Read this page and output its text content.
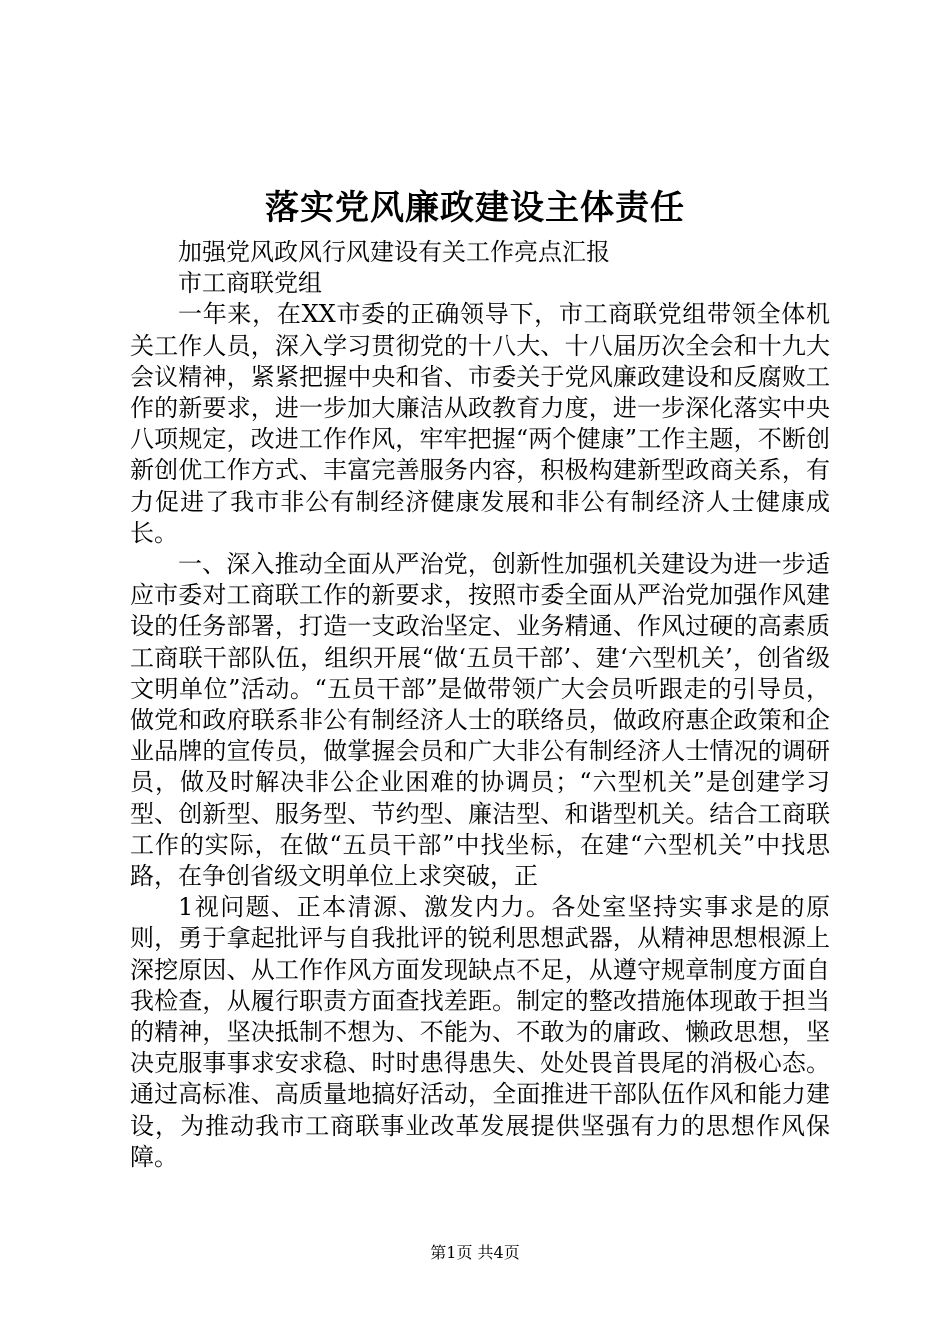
落实党风廉政建设主体责任

加强党风政风行风建设有关工作亮点汇报

市工商联党组

一年来，在XX市委的正确领导下，市工商联党组带领全体机关工作人员，深入学习贯彻党的十八大、十八届历次全会和十九大会议精神，紧紧把握中央和省、市委关于党风廉政建设和反腐败工作的新要求，进一步加大廉洁从政教育力度，进一步深化落实中央八项规定，改进工作作风，牢牢把握“两个健康”工作主题，不断创新创优工作方式、丰富完善服务内容，积极构建新型政商关系，有力促进了我市非公有制经济健康发展和非公有制经济人士健康成长。

一、深入推动全面从严治党，创新性加强机关建设为进一步适应市委对工商联工作的新要求，按照市委全面从严治党加强作风建设的任务部署，打造一支政治坚定、业务精通、作风过硬的高素质工商联干部队伍，组织开展“做‘五员干部’、建‘六型机关’，创省级文明单位”活动。“五员干部”是做带领广大会员听跟走的引导员，做党和政府联系非公有制经济人士的联络员，做政府惠企政策和企业品牌的宣传员，做掌握会员和广大非公有制经济人士情况的调研员，做及时解决非公企业困难的协调员；“六型机关”是创建学习型、创新型、服务型、节约型、廉洁型、和谐型机关。结合工商联工作的实际，在做“五员干部”中找坐标，在建“六型机关”中找思路，在争创省级文明单位上求突破，正

1视问题、正本清源、激发内力。各处室坚持实事求是的原则，勇于拿起批评与自我批评的锐利思想武器，从精神思想根源上深挖原因、从工作作风方面发现缺点不足，从遵守规章制度方面自我检查，从履行职责方面查找差距。制定的整改措施体现敢于担当的精神，坚决抵制不想为、不能为、不敢为的庸政、懒政思想，坚决克服事事求安求稳、时时患得患失、处处畏首畏尾的消极心态。通过高标准、高质量地搞好活动，全面推进干部队伍作风和能力建设，为推动我市工商联事业改革发展提供坚强有力的思想作风保障。

第1页 共4页
